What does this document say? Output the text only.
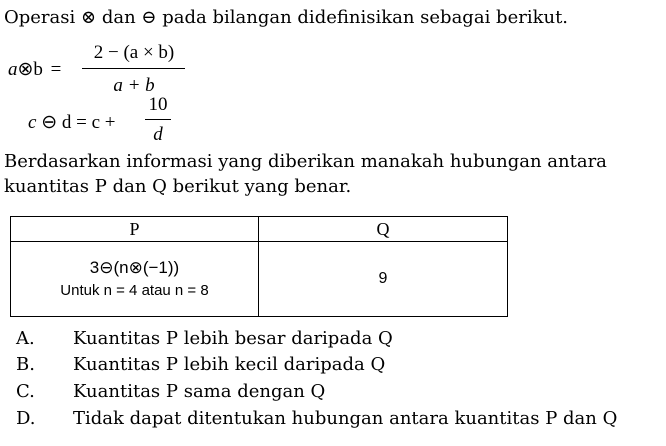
Operasi ⊗ dan ⊖ pada bilangan didefinisikan sebagai berikut.
a⊗b =
2 − (a × b)
a + b
c ⊖ d = c +
10
d
Berdasarkan informasi yang diberikan manakah hubungan antara
kuantitas P dan Q berikut yang benar.
P	Q

3⊖(n⊗(−1))
Untuk n = 4 atau n = 8	9
A. Kuantitas P lebih besar daripada Q
B. Kuantitas P lebih kecil daripada Q
C. Kuantitas P sama dengan Q
D. Tidak dapat ditentukan hubungan antara kuantitas P dan Q
